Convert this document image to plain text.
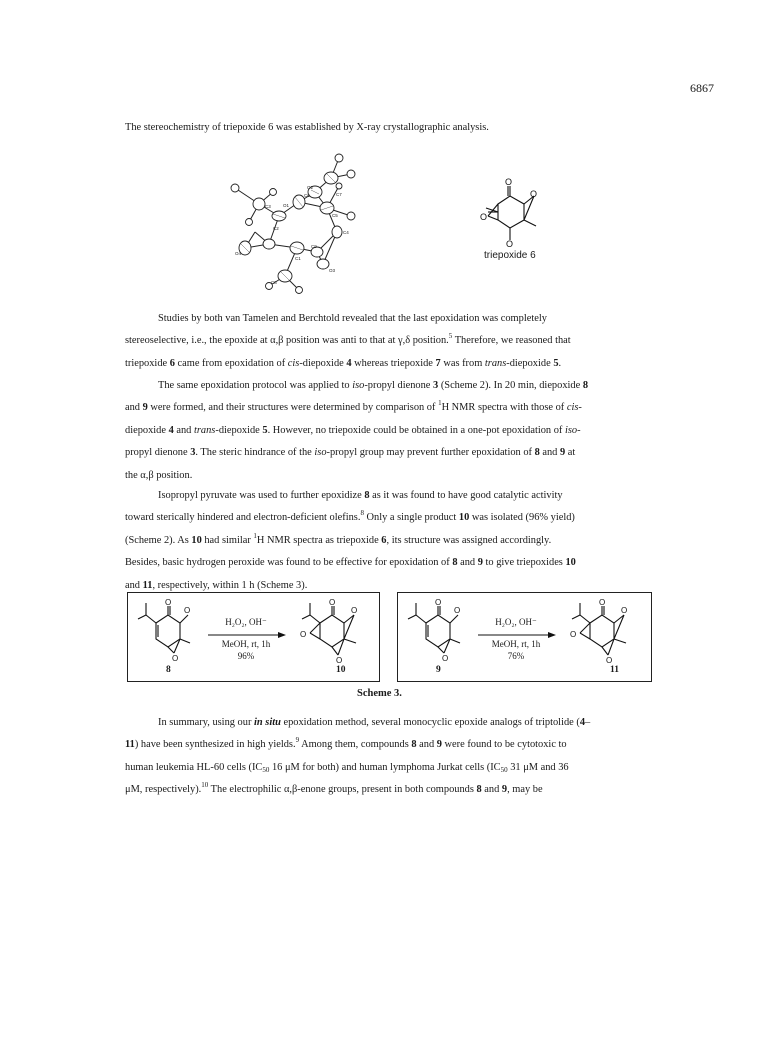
6867
The stereochemistry of triepoxide 6 was established by X-ray crystallographic analysis.
O2
O1
C7
C6
C5
C4
C3
C2
C1
O3
O4
C8
C9
O
O
O
O
triepoxide 6
Studies by both van Tamelen and Berchtold revealed that the last epoxidation was completely
stereoselective, i.e., the epoxide at α,β position was anti to that at γ,δ position.$^5$ Therefore, we reasoned that
triepoxide 6 came from epoxidation of cis-diepoxide 4 whereas triepoxide 7 was from trans-diepoxide 5.
The same epoxidation protocol was applied to iso-propyl dienone 3 (Scheme 2). In 20 min, diepoxide 8
and 9 were formed, and their structures were determined by comparison of $^1$H NMR spectra with those of cis-
diepoxide 4 and trans-diepoxide 5. However, no triepoxide could be obtained in a one-pot epoxidation of iso-
propyl dienone 3. The steric hindrance of the iso-propyl group may prevent further epoxidation of 8 and 9 at
the α,β position.
Isopropyl pyruvate was used to further epoxidize 8 as it was found to have good catalytic activity
toward sterically hindered and electron-deficient olefins.$^8$ Only a single product 10 was isolated (96% yield)
(Scheme 2). As 10 had similar $^1$H NMR spectra as triepoxide 6, its structure was assigned accordingly.
Besides, basic hydrogen peroxide was found to be effective for epoxidation of 8 and 9 to give triepoxides 10
and 11, respectively, within 1 h (Scheme 3).
O
O
O
8
H₂O₂, OH⁻
MeOH, rt, 1h
96%
O
O
O
O
10
O
O
O
9
H₂O₂, OH⁻
MeOH, rt, 1h
76%
O
O
O
O
11
Scheme 3.
In summary, using our in situ epoxidation method, several monocyclic epoxide analogs of triptolide (4–
11) have been synthesized in high yields.$^9$ Among them, compounds 8 and 9 were found to be cytotoxic to
human leukemia HL-60 cells ($IC_{50}$ 16 μM for both) and human lymphoma Jurkat cells ($IC_{50}$ 31 μM and 36
μM, respectively).$^{10}$ The electrophilic α,β-enone groups, present in both compounds 8 and 9, may be
